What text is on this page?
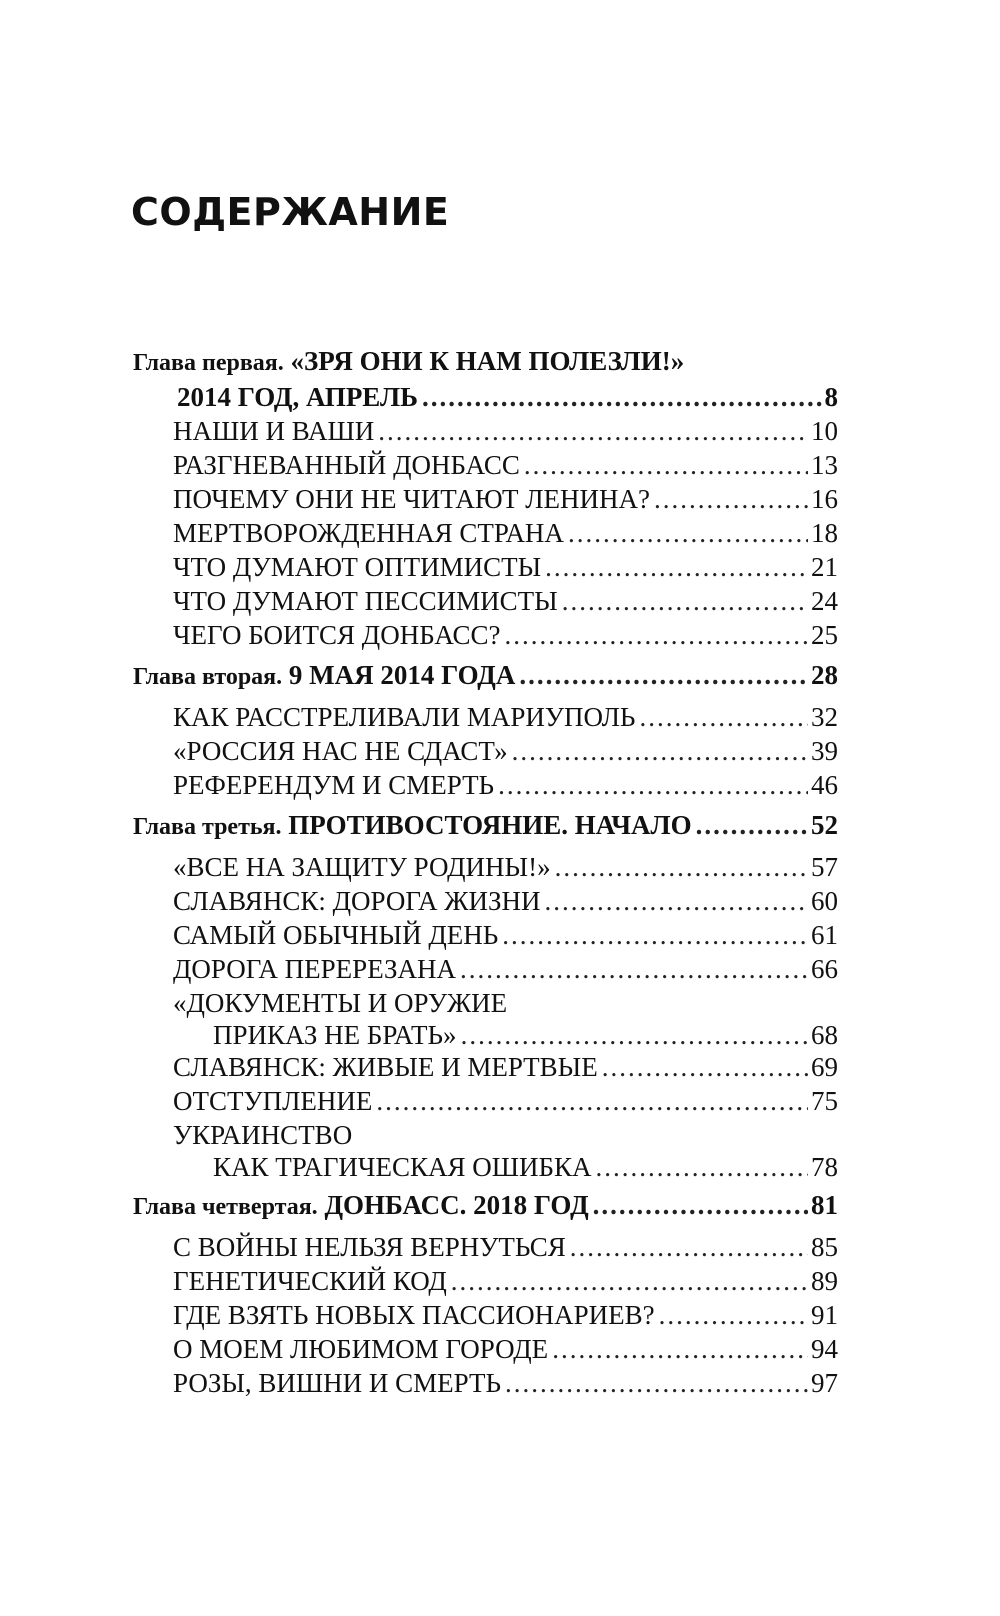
СОДЕРЖАНИЕ
Глава первая. «ЗРЯ ОНИ К НАМ ПОЛЕЗЛИ!»
2014 ГОД, АПРЕЛЬ .....	8
НАШИ И ВАШИ .....	10
РАЗГНЕВАННЫЙ ДОНБАСС .....	13
ПОЧЕМУ ОНИ НЕ ЧИТАЮТ ЛЕНИНА? .....	16
МЕРТВОРОЖДЕННАЯ СТРАНА .....	18
ЧТО ДУМАЮТ ОПТИМИСТЫ .....	21
ЧТО ДУМАЮТ ПЕССИМИСТЫ .....	24
ЧЕГО БОИТСЯ ДОНБАСС? .....	25
Глава вторая. 9 МАЯ 2014 ГОДА .....	28
КАК РАССТРЕЛИВАЛИ МАРИУПОЛЬ .....	32
«РОССИЯ НАС НЕ СДАСТ» .....	39
РЕФЕРЕНДУМ И СМЕРТЬ .....	46
Глава третья. ПРОТИВОСТОЯНИЕ. НАЧАЛО .....	52
«ВСЕ НА ЗАЩИТУ РОДИНЫ!» .....	57
СЛАВЯНСК: ДОРОГА ЖИЗНИ .....	60
САМЫЙ ОБЫЧНЫЙ ДЕНЬ .....	61
ДОРОГА ПЕРЕРЕЗАНА .....	66
«ДОКУМЕНТЫ И ОРУЖИЕ
ПРИКАЗ НЕ БРАТЬ» .....	68
СЛАВЯНСК: ЖИВЫЕ И МЕРТВЫЕ .....	69
ОТСТУПЛЕНИЕ .....	75
УКРАИНСТВО
КАК ТРАГИЧЕСКАЯ ОШИБКА .....	78
Глава четвертая. ДОНБАСС. 2018 ГОД .....	81
С ВОЙНЫ НЕЛЬЗЯ ВЕРНУТЬСЯ .....	85
ГЕНЕТИЧЕСКИЙ КОД .....	89
ГДЕ ВЗЯТЬ НОВЫХ ПАССИОНАРИЕВ? .....	91
О МОЕМ ЛЮБИМОМ ГОРОДЕ .....	94
РОЗЫ, ВИШНИ И СМЕРТЬ .....	97
